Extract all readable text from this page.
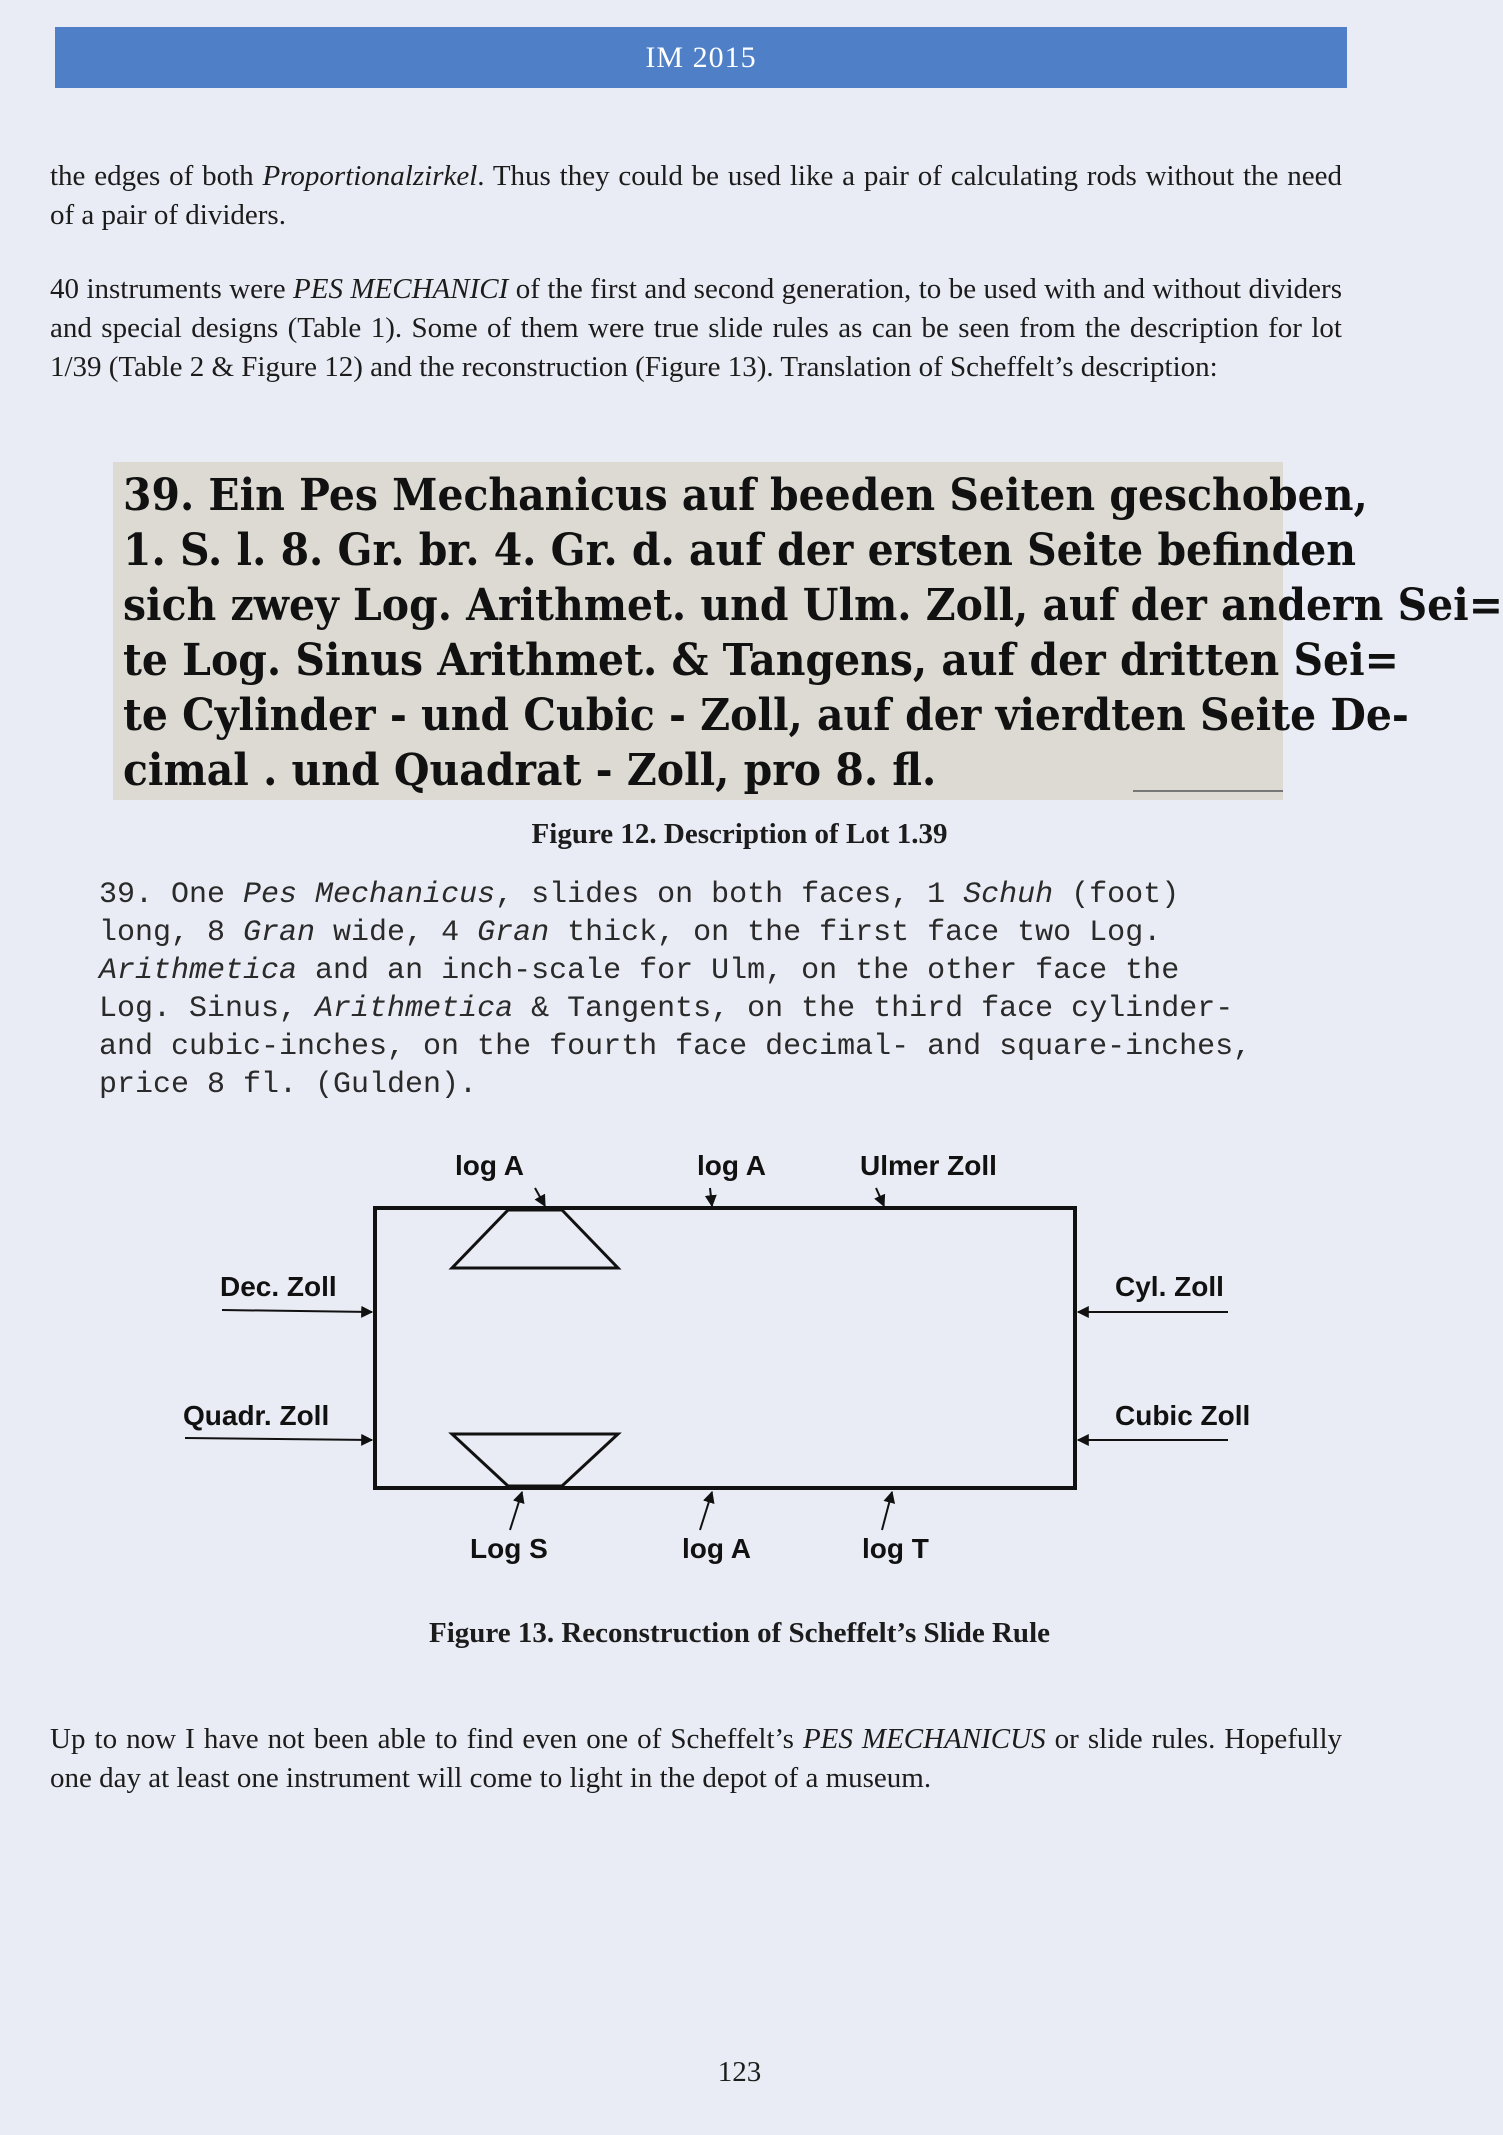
IM 2015

the edges of both Proportionalzirkel. Thus they could be used like a pair of calculating rods without the need of a pair of dividers.

40 instruments were PES MECHANICI of the first and second generation, to be used with and without dividers and special designs (Table 1). Some of them were true slide rules as can be seen from the description for lot 1/39 (Table 2 & Figure 12) and the reconstruction (Figure 13). Translation of Scheffelt’s description:

39. Ein Pes Mechanicus auf beeden Seiten geschoben,
1. S. l. 8. Gr. br. 4. Gr. d. auf der ersten Seite befinden
sich zwey Log. Arithmet. und Ulm. Zoll, auf der andern Sei=
te Log. Sinus Arithmet. & Tangens, auf der dritten Sei=
te Cylinder - und Cubic - Zoll, auf der vierdten Seite De-
cimal . und Quadrat - Zoll, pro 8. fl.

Figure 12. Description of Lot 1.39

39. One Pes Mechanicus, slides on both faces, 1 Schuh (foot)
long, 8 Gran wide, 4 Gran thick, on the first face two Log.
Arithmetica and an inch-scale for Ulm, on the other face the
Log. Sinus, Arithmetica & Tangents, on the third face cylinder-
and cubic-inches, on the fourth face decimal- and square-inches,
price 8 fl. (Gulden).
log A	log A	Ulmer Zoll
Dec. Zoll
Quadr. Zoll
Cyl. Zoll
Cubic Zoll
Log S	log A	log T

Figure 13. Reconstruction of Scheffelt’s Slide Rule

Up to now I have not been able to find even one of Scheffelt’s PES MECHANICUS or slide rules. Hopefully one day at least one instrument will come to light in the depot of a museum.

123
